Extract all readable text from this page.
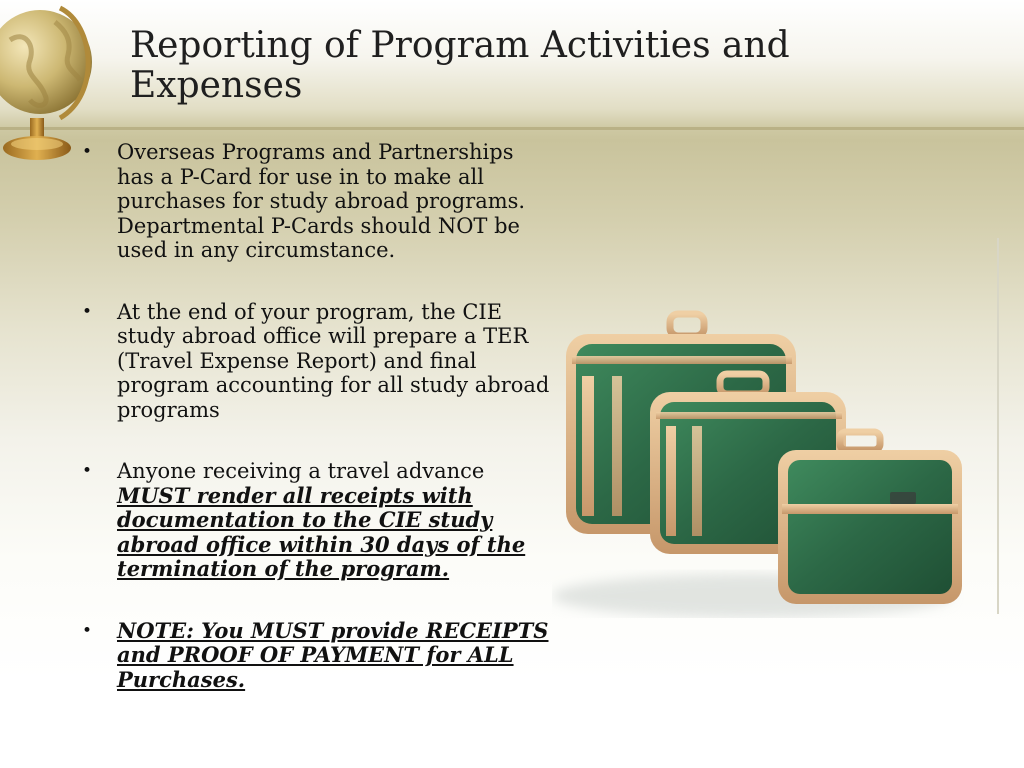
Reporting of Program Activities and Expenses
• Overseas Programs and Partnerships has a P-Card for use in to make all purchases for study abroad programs. Departmental P-Cards should NOT be used in any circumstance.
• At the end of your program, the CIE study abroad office will prepare a TER (Travel Expense Report) and final program accounting for all study abroad programs
• Anyone receiving a travel advance MUST render all receipts with documentation to the CIE study abroad office within 30 days of the termination of the program.
• NOTE: You MUST provide RECEIPTS and PROOF OF PAYMENT for ALL Purchases.
